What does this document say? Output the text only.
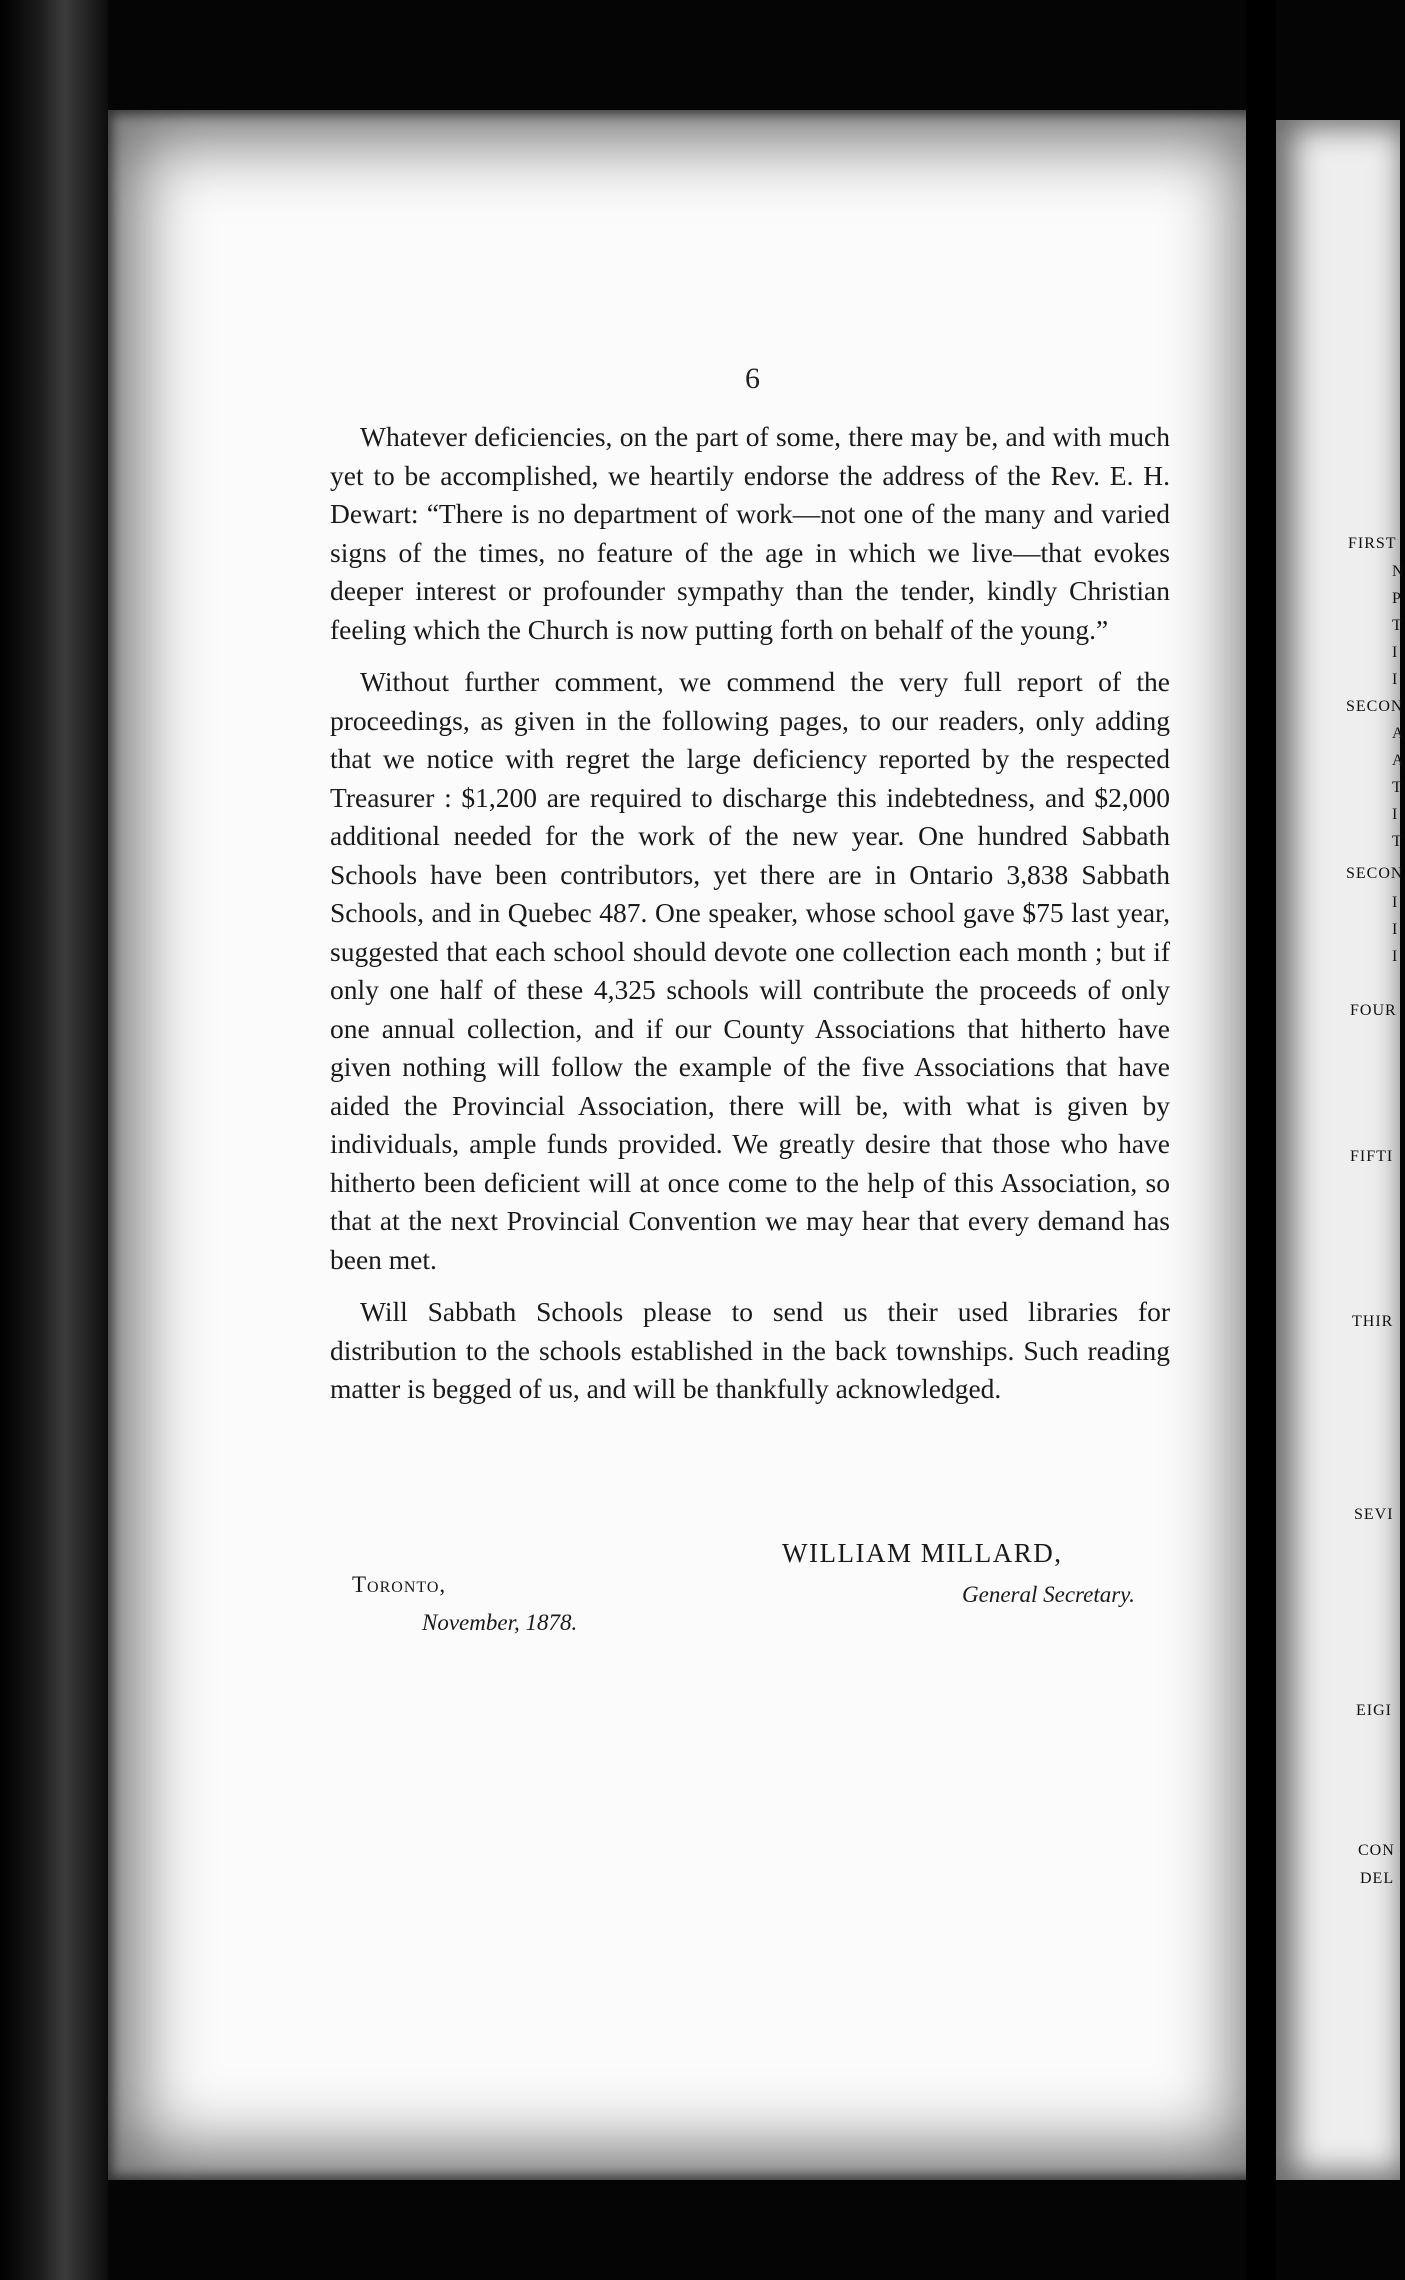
6

Whatever deficiencies, on the part of some, there may be, and with much yet to be accomplished, we heartily endorse the address of the Rev. E. H. Dewart: “There is no department of work—not one of the many and varied signs of the times, no feature of the age in which we live—that evokes deeper interest or profounder sympathy than the tender, kindly Christian feeling which the Church is now putting forth on behalf of the young.”

Without further comment, we commend the very full report of the proceedings, as given in the following pages, to our readers, only adding that we notice with regret the large deficiency reported by the respected Treasurer : $1,200 are required to discharge this indebtedness, and $2,000 additional needed for the work of the new year. One hundred Sabbath Schools have been contributors, yet there are in Ontario 3,838 Sabbath Schools, and in Quebec 487. One speaker, whose school gave $75 last year, suggested that each school should devote one collection each month ; but if only one half of these 4,325 schools will contribute the proceeds of only one annual collection, and if our County Associations that hitherto have given nothing will follow the example of the five Associations that have aided the Provincial Association, there will be, with what is given by individuals, ample funds provided. We greatly desire that those who have hitherto been deficient will at once come to the help of this Association, so that at the next Provincial Convention we may hear that every demand has been met.

Will Sabbath Schools please to send us their used libraries for distribution to the schools established in the back townships. Such reading matter is begged of us, and will be thankfully acknowledged.

WILLIAM MILLARD,
General Secretary.
Toronto,
November, 1878.

FIRST

N

P

T

I

I

SECON

A

A

T

I

T

SECON

I

I

I

FOUR

FIFTI

THIR

SEVI

EIGI

CON

DEL
